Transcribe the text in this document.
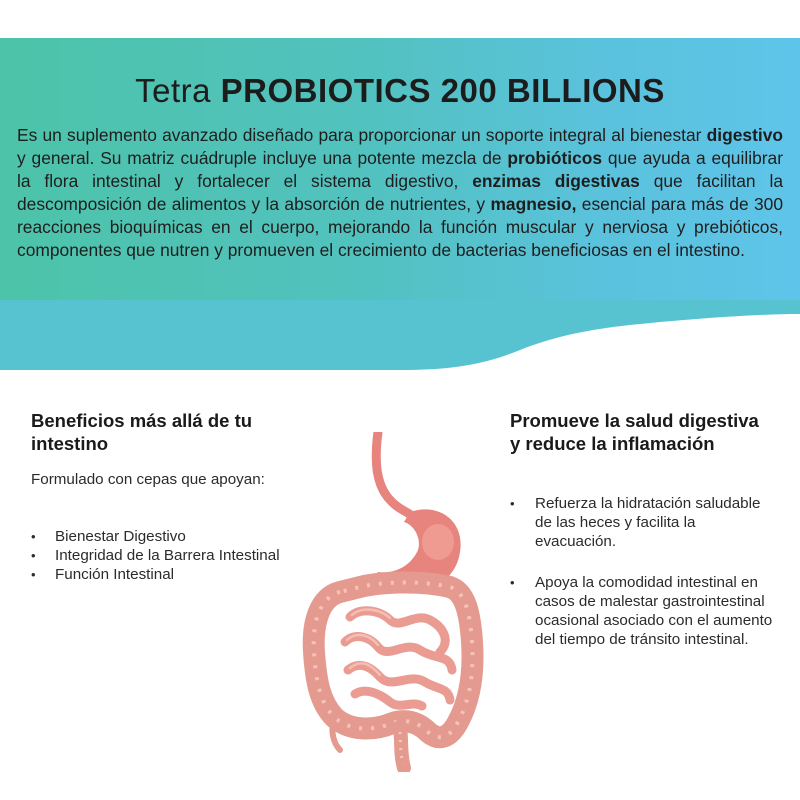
Tetra PROBIOTICS 200 BILLIONS

Es un suplemento avanzado diseñado para proporcionar un soporte integral al bienestar digestivo y general. Su matriz cuádruple incluye una potente mezcla de probióticos que ayuda a equilibrar la flora intestinal y fortalecer el sistema digestivo, enzimas digestivas que facilitan la descomposición de alimentos y la absorción de nutrientes, y magnesio, esencial para más de 300 reacciones bioquímicas en el cuerpo, mejorando la función muscular y nerviosa y prebióticos, componentes que nutren y promueven el crecimiento de bacterias beneficiosas en el intestino.

Beneficios más allá de tu intestino

Formulado con cepas que apoyan:

• Bienestar Digestivo
• Integridad de la Barrera Intestinal
• Función Intestinal
Promueve la salud digestiva y reduce la inflamación
• Refuerza la hidratación saludable de las heces y facilita la evacuación.
• Apoya la comodidad intestinal en casos de malestar gastrointestinal ocasional asociado con el aumento del tiempo de tránsito intestinal.
